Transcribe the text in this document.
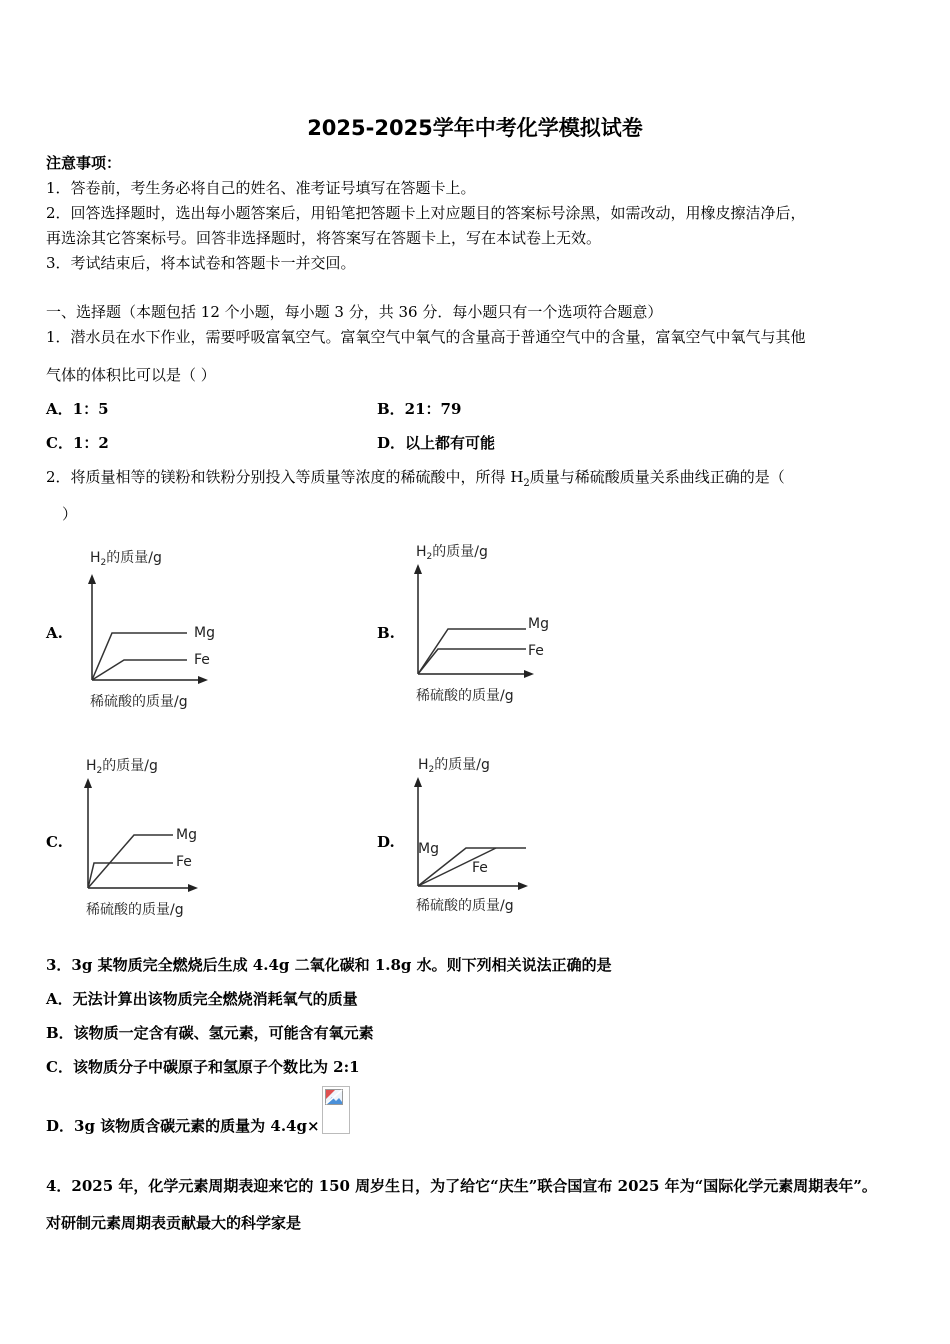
2025-2025学年中考化学模拟试卷
注意事项：
1．答卷前，考生务必将自己的姓名、准考证号填写在答题卡上。
2．回答选择题时，选出每小题答案后，用铅笔把答题卡上对应题目的答案标号涂黑，如需改动，用橡皮擦洁净后，
再选涂其它答案标号。回答非选择题时，将答案写在答题卡上，写在本试卷上无效。
3．考试结束后，将本试卷和答题卡一并交回。
一、选择题（本题包括 12 个小题，每小题 3 分，共 36 分．每小题只有一个选项符合题意）
1．潜水员在水下作业，需要呼吸富氧空气。富氧空气中氧气的含量高于普通空气中的含量，富氧空气中氧气与其他
气体的体积比可以是（ ）
A．1：5	B．21：79
C．1：2	D．以上都有可能
2．将质量相等的镁粉和铁粉分别投入等质量等浓度的稀硫酸中，所得 $H_2$质量与稀硫酸质量关系曲线正确的是（
）
A.	B.
C.	D.
$H_2$的质量/g
Mg
Fe
稀硫酸的质量/g
$H_2$的质量/g
Mg
Fe
稀硫酸的质量/g
$H_2$的质量/g
Mg
Fe
稀硫酸的质量/g
$H_2$的质量/g
Mg
Fe
稀硫酸的质量/g
3．3g 某物质完全燃烧后生成 4.4g 二氧化碳和 1.8g 水。则下列相关说法正确的是
A．无法计算出该物质完全燃烧消耗氧气的质量
B．该物质一定含有碳、氢元素，可能含有氧元素
C．该物质分子中碳原子和氢原子个数比为 2:1
D．3g 该物质含碳元素的质量为 4.4g×
4．2025 年，化学元素周期表迎来它的 150 周岁生日，为了给它“庆生”联合国宣布 2025 年为“国际化学元素周期表年”。
对研制元素周期表贡献最大的科学家是
